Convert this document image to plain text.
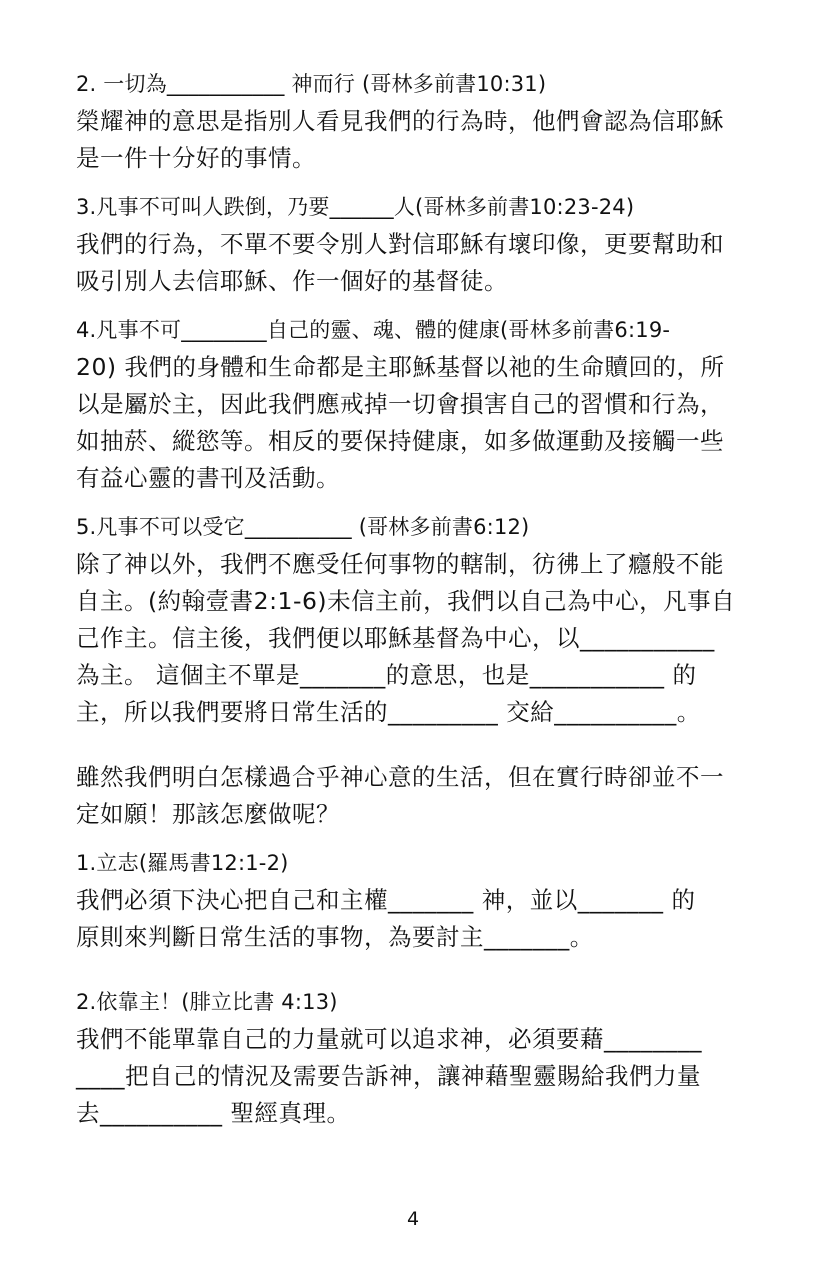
2. 一切為___________ 神而行 (哥林多前書10:31)
榮耀神的意思是指別人看見我們的行為時，他們會認為信耶穌
是一件十分好的事情。
3.凡事不可叫人跌倒，乃要______人(哥林多前書10:23-24)
我們的行為，不單不要令別人對信耶穌有壞印像，更要幫助和
吸引別人去信耶穌、作一個好的基督徒。
4.凡事不可________自己的靈、魂、體的健康(哥林多前書6:19-
20) 我們的身體和生命都是主耶穌基督以祂的生命贖回的，所
以是屬於主，因此我們應戒掉一切會損害自己的習慣和行為，
如抽菸、縱慾等。相反的要保持健康，如多做運動及接觸一些
有益心靈的書刊及活動。
5.凡事不可以受它__________ (哥林多前書6:12)
除了神以外，我們不應受任何事物的轄制，彷彿上了癮般不能
自主。(約翰壹書2:1-6)未信主前，我們以自己為中心，凡事自
己作主。信主後，我們便以耶穌基督為中心，以___________
為主。 這個主不單是_______的意思，也是___________ 的
主，所以我們要將日常生活的_________ 交給__________。
雖然我們明白怎樣過合乎神心意的生活，但在實行時卻並不一
定如願！那該怎麼做呢？
1.立志(羅馬書12:1-2)
我們必須下決心把自己和主權_______ 神，並以_______ 的
原則來判斷日常生活的事物，為要討主_______。
2.依靠主！(腓立比書 4:13)
我們不能單靠自己的力量就可以追求神，必須要藉________
____把自己的情況及需要告訴神，讓神藉聖靈賜給我們力量
去__________ 聖經真理。
4
